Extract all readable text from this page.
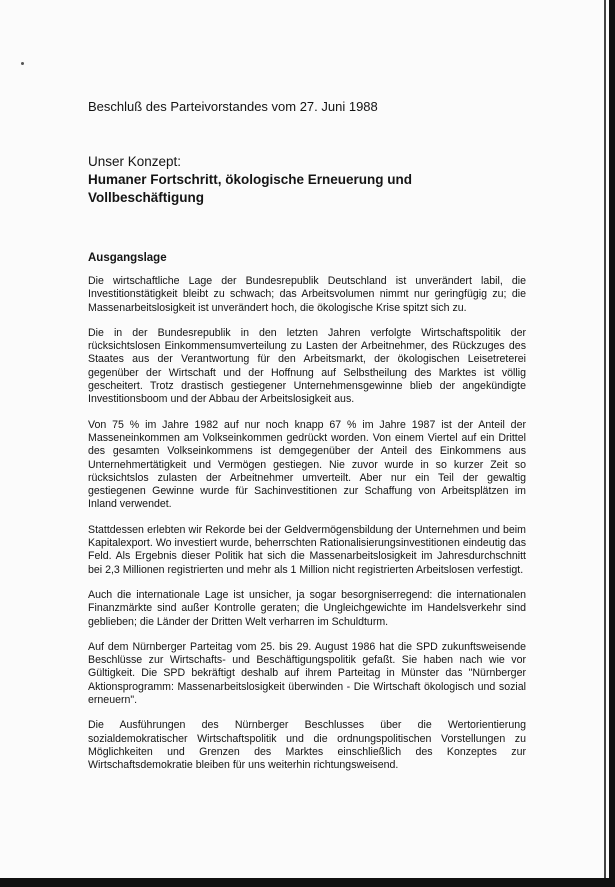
Beschluß des Parteivorstandes vom 27. Juni 1988

Unser Konzept:
Humaner Fortschritt, ökologische Erneuerung und
Vollbeschäftigung
Ausgangslage

Die wirtschaftliche Lage der Bundesrepublik Deutschland ist unverändert labil, die Investitionstätigkeit bleibt zu schwach; das Arbeitsvolumen nimmt nur geringfügig zu; die Massenarbeitslosigkeit ist unverändert hoch, die ökologische Krise spitzt sich zu.

Die in der Bundesrepublik in den letzten Jahren verfolgte Wirtschaftspolitik der rücksichtslosen Einkommensumverteilung zu Lasten der Arbeitnehmer, des Rückzuges des Staates aus der Verantwortung für den Arbeitsmarkt, der ökologischen Leisetreterei gegenüber der Wirtschaft und der Hoffnung auf Selbstheilung des Marktes ist völlig gescheitert. Trotz drastisch gestiegener Unternehmensgewinne blieb der angekündigte Investitionsboom und der Abbau der Arbeitslosigkeit aus.

Von 75 % im Jahre 1982 auf nur noch knapp 67 % im Jahre 1987 ist der Anteil der Masseneinkommen am Volkseinkommen gedrückt worden. Von einem Viertel auf ein Drittel des gesamten Volkseinkommens ist demgegenüber der Anteil des Einkommens aus Unternehmertätigkeit und Vermögen gestiegen. Nie zuvor wurde in so kurzer Zeit so rücksichtslos zulasten der Arbeitnehmer umverteilt. Aber nur ein Teil der gewaltig gestiegenen Gewinne wurde für Sachinvestitionen zur Schaffung von Arbeitsplätzen im Inland verwendet.

Stattdessen erlebten wir Rekorde bei der Geldvermögensbildung der Unternehmen und beim Kapitalexport. Wo investiert wurde, beherrschten Rationalisierungsinvestitionen eindeutig das Feld. Als Ergebnis dieser Politik hat sich die Massenarbeitslosigkeit im Jahresdurchschnitt bei 2,3 Millionen registrierten und mehr als 1 Million nicht registrierten Arbeitslosen verfestigt.

Auch die internationale Lage ist unsicher, ja sogar besorgniserregend: die internationalen Finanzmärkte sind außer Kontrolle geraten; die Ungleichgewichte im Handelsverkehr sind geblieben; die Länder der Dritten Welt verharren im Schuldturm.

Auf dem Nürnberger Parteitag vom 25. bis 29. August 1986 hat die SPD zukunftsweisende Beschlüsse zur Wirtschafts- und Beschäftigungspolitik gefaßt. Sie haben nach wie vor Gültigkeit. Die SPD bekräftigt deshalb auf ihrem Parteitag in Münster das "Nürnberger Aktionsprogramm: Massenarbeitslosigkeit überwinden - Die Wirtschaft ökologisch und sozial erneuern".

Die Ausführungen des Nürnberger Beschlusses über die Wertorientierung sozialdemokratischer Wirtschaftspolitik und die ordnungspolitischen Vorstellungen zu Möglichkeiten und Grenzen des Marktes einschließlich des Konzeptes zur Wirtschaftsdemokratie bleiben für uns weiterhin richtungsweisend.
